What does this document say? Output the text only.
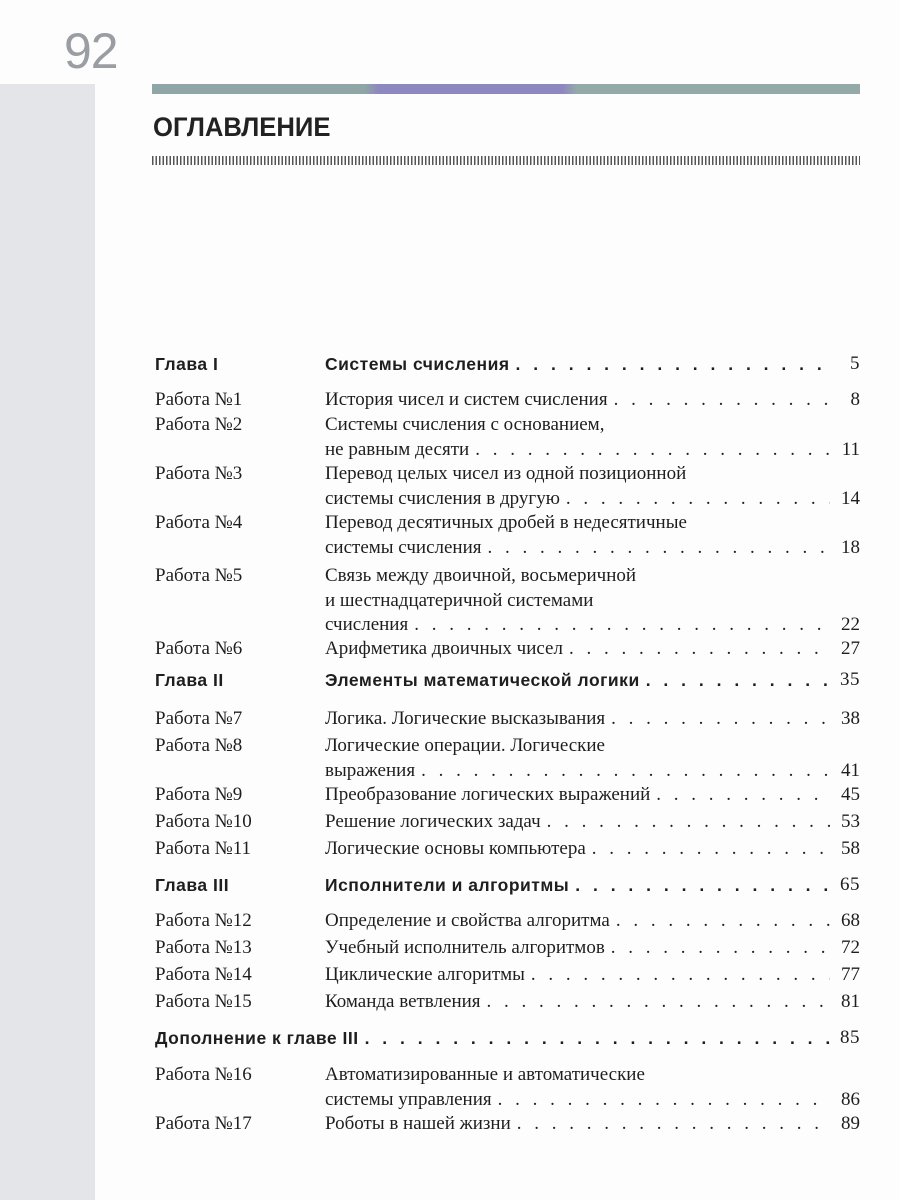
92
ОГЛАВЛЕНИЕ
Глава I	Системы счисления . . .	5
Работа №1	История чисел и систем счисления . . .	8
Работа №2	Системы счисления с основанием,
не равным десяти . . .	11
Работа №3	Перевод целых чисел из одной позиционной
системы счисления в другую . . .	14
Работа №4	Перевод десятичных дробей в недесятичные
системы счисления . . .	18
Работа №5	Связь между двоичной, восьмеричной
и шестнадцатеричной системами
счисления . . .	22
Работа №6	Арифметика двоичных чисел . . .	27
Глава II	Элементы математической логики . . .	35
Работа №7	Логика. Логические высказывания . . .	38
Работа №8	Логические операции. Логические
выражения . . .	41
Работа №9	Преобразование логических выражений . . .	45
Работа №10	Решение логических задач . . .	53
Работа №11	Логические основы компьютера . . .	58
Глава III	Исполнители и алгоритмы . . .	65
Работа №12	Определение и свойства алгоритма . . .	68
Работа №13	Учебный исполнитель алгоритмов . . .	72
Работа №14	Циклические алгоритмы . . .	77
Работа №15	Команда ветвления . . .	81
Дополнение к главе III . . .	85
Работа №16	Автоматизированные и автоматические
системы управления . . .	86
Работа №17	Роботы в нашей жизни . . .	89
